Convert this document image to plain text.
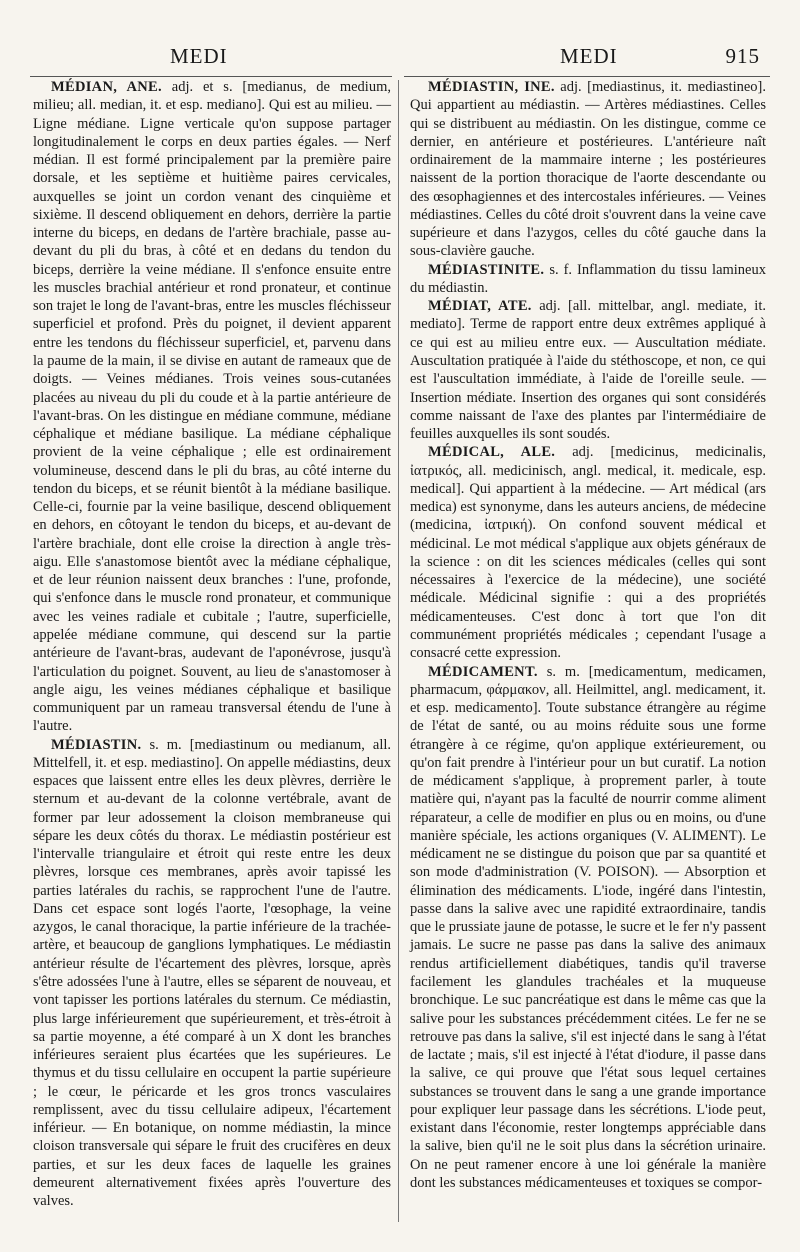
MEDI	MEDI	915

MÉDIAN, ANE. adj. et s. [medianus, de medium, milieu; all. median, it. et esp. mediano]. Qui est au milieu. — Ligne médiane. Ligne verticale qu'on suppose partager longitudinalement le corps en deux parties égales. — Nerf médian. Il est formé principalement par la première paire dorsale, et les septième et huitième paires cervicales, auxquelles se joint un cordon venant des cinquième et sixième. Il descend obliquement en dehors, derrière la partie interne du biceps, en dedans de l'artère brachiale, passe au-devant du pli du bras, à côté et en dedans du tendon du biceps, derrière la veine médiane. Il s'enfonce ensuite entre les muscles brachial antérieur et rond pronateur, et continue son trajet le long de l'avant-bras, entre les muscles fléchisseur superficiel et profond. Près du poignet, il devient apparent entre les tendons du fléchisseur superficiel, et, parvenu dans la paume de la main, il se divise en autant de rameaux que de doigts. — Veines médianes. Trois veines sous-cutanées placées au niveau du pli du coude et à la partie antérieure de l'avant-bras. On les distingue en médiane commune, médiane céphalique et médiane basilique. La médiane céphalique provient de la veine céphalique ; elle est ordinairement volumineuse, descend dans le pli du bras, au côté interne du tendon du biceps, et se réunit bientôt à la médiane basilique. Celle-ci, fournie par la veine basilique, descend obliquement en dehors, en côtoyant le tendon du biceps, et au-devant de l'artère brachiale, dont elle croise la direction à angle très-aigu. Elle s'anastomose bientôt avec la médiane céphalique, et de leur réunion naissent deux branches : l'une, profonde, qui s'enfonce dans le muscle rond pronateur, et communique avec les veines radiale et cubitale ; l'autre, superficielle, appelée médiane commune, qui descend sur la partie antérieure de l'avant-bras, audevant de l'aponévrose, jusqu'à l'articulation du poignet. Souvent, au lieu de s'anastomoser à angle aigu, les veines médianes céphalique et basilique communiquent par un rameau transversal étendu de l'une à l'autre.

MÉDIASTIN. s. m. [mediastinum ou medianum, all. Mittelfell, it. et esp. mediastino]. On appelle médiastins, deux espaces que laissent entre elles les deux plèvres, derrière le sternum et au-devant de la colonne vertébrale, avant de former par leur adossement la cloison membraneuse qui sépare les deux côtés du thorax. Le médiastin postérieur est l'intervalle triangulaire et étroit qui reste entre les deux plèvres, lorsque ces membranes, après avoir tapissé les parties latérales du rachis, se rapprochent l'une de l'autre. Dans cet espace sont logés l'aorte, l'œsophage, la veine azygos, le canal thoracique, la partie inférieure de la trachée-artère, et beaucoup de ganglions lymphatiques. Le médiastin antérieur résulte de l'écartement des plèvres, lorsque, après s'être adossées l'une à l'autre, elles se séparent de nouveau, et vont tapisser les portions latérales du sternum. Ce médiastin, plus large inférieurement que supérieurement, et très-étroit à sa partie moyenne, a été comparé à un X dont les branches inférieures seraient plus écartées que les supérieures. Le thymus et du tissu cellulaire en occupent la partie supérieure ; le cœur, le péricarde et les gros troncs vasculaires remplissent, avec du tissu cellulaire adipeux, l'écartement inférieur. — En botanique, on nomme médiastin, la mince cloison transversale qui sépare le fruit des crucifères en deux parties, et sur les deux faces de laquelle les graines demeurent alternativement fixées après l'ouverture des valves.

MÉDIASTIN, INE. adj. [mediastinus, it. mediastineo]. Qui appartient au médiastin. — Artères médiastines. Celles qui se distribuent au médiastin. On les distingue, comme ce dernier, en antérieure et postérieures. L'antérieure naît ordinairement de la mammaire interne ; les postérieures naissent de la portion thoracique de l'aorte descendante ou des œsophagiennes et des intercostales inférieures. — Veines médiastines. Celles du côté droit s'ouvrent dans la veine cave supérieure et dans l'azygos, celles du côté gauche dans la sous-clavière gauche.

MÉDIASTINITE. s. f. Inflammation du tissu lamineux du médiastin.

MÉDIAT, ATE. adj. [all. mittelbar, angl. mediate, it. mediato]. Terme de rapport entre deux extrêmes appliqué à ce qui est au milieu entre eux. — Auscultation médiate. Auscultation pratiquée à l'aide du stéthoscope, et non, ce qui est l'auscultation immédiate, à l'aide de l'oreille seule. — Insertion médiate. Insertion des organes qui sont considérés comme naissant de l'axe des plantes par l'intermédiaire de feuilles auxquelles ils sont soudés.

MÉDICAL, ALE. adj. [medicinus, medicinalis, ἰατρικός, all. medicinisch, angl. medical, it. medicale, esp. medical]. Qui appartient à la médecine. — Art médical (ars medica) est synonyme, dans les auteurs anciens, de médecine (medicina, ἰατρική). On confond souvent médical et médicinal. Le mot médical s'applique aux objets généraux de la science : on dit les sciences médicales (celles qui sont nécessaires à l'exercice de la médecine), une société médicale. Médicinal signifie : qui a des propriétés médicamenteuses. C'est donc à tort que l'on dit communément propriétés médicales ; cependant l'usage a consacré cette expression.

MÉDICAMENT. s. m. [medicamentum, medicamen, pharmacum, φάρμακον, all. Heilmittel, angl. medicament, it. et esp. medicamento]. Toute substance étrangère au régime de l'état de santé, ou au moins réduite sous une forme étrangère à ce régime, qu'on applique extérieurement, ou qu'on fait prendre à l'intérieur pour un but curatif. La notion de médicament s'applique, à proprement parler, à toute matière qui, n'ayant pas la faculté de nourrir comme aliment réparateur, a celle de modifier en plus ou en moins, ou d'une manière spéciale, les actions organiques (V. ALIMENT). Le médicament ne se distingue du poison que par sa quantité et son mode d'administration (V. POISON). — Absorption et élimination des médicaments. L'iode, ingéré dans l'intestin, passe dans la salive avec une rapidité extraordinaire, tandis que le prussiate jaune de potasse, le sucre et le fer n'y passent jamais. Le sucre ne passe pas dans la salive des animaux rendus artificiellement diabétiques, tandis qu'il traverse facilement les glandules trachéales et la muqueuse bronchique. Le suc pancréatique est dans le même cas que la salive pour les substances précédemment citées. Le fer ne se retrouve pas dans la salive, s'il est injecté dans le sang à l'état de lactate ; mais, s'il est injecté à l'état d'iodure, il passe dans la salive, ce qui prouve que l'état sous lequel certaines substances se trouvent dans le sang a une grande importance pour expliquer leur passage dans les sécrétions. L'iode peut, existant dans l'économie, rester longtemps appréciable dans la salive, bien qu'il ne le soit plus dans la sécrétion urinaire. On ne peut ramener encore à une loi générale la manière dont les substances médicamenteuses et toxiques se compor-
